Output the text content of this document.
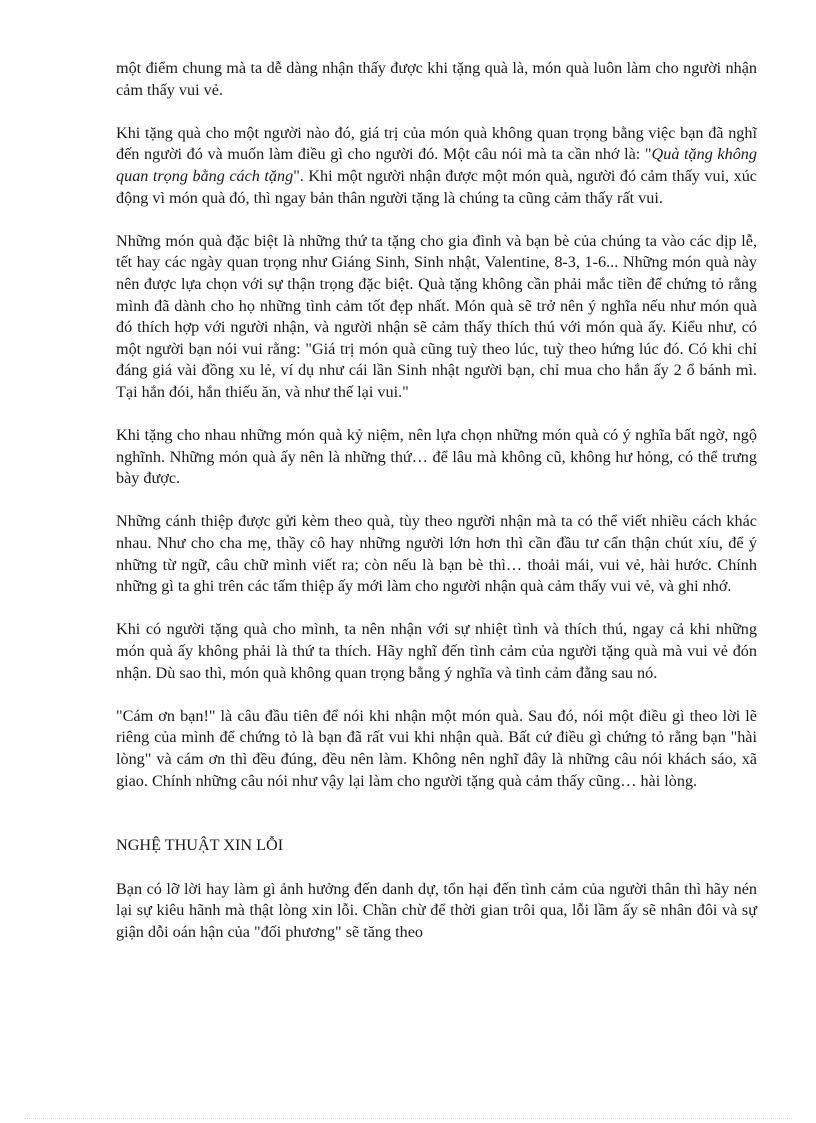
một điểm chung mà ta dễ dàng nhận thấy được khi tặng quà là, món quà luôn làm cho người nhận cảm thấy vui vẻ.

Khi tặng quà cho một người nào đó, giá trị của món quà không quan trọng bằng việc bạn đã nghĩ đến người đó và muốn làm điều gì cho người đó. Một câu nói mà ta cần nhớ là: "Quà tặng không quan trọng bằng cách tặng". Khi một người nhận được một món quà, người đó cảm thấy vui, xúc động vì món quà đó, thì ngay bản thân người tặng là chúng ta cũng cảm thấy rất vui.

Những món quà đặc biệt là những thứ ta tặng cho gia đình và bạn bè của chúng ta vào các dịp lễ, tết hay các ngày quan trọng như Giáng Sinh, Sinh nhật, Valentine, 8-3, 1-6... Những món quà này nên được lựa chọn với sự thận trọng đặc biệt. Quà tặng không cần phải mắc tiền để chứng tỏ rằng mình đã dành cho họ những tình cảm tốt đẹp nhất. Món quà sẽ trở nên ý nghĩa nếu như món quà đó thích hợp với người nhận, và người nhận sẽ cảm thấy thích thú với món quà ấy. Kiểu như, có một người bạn nói vui rằng: "Giá trị món quà cũng tuỳ theo lúc, tuỳ theo hứng lúc đó. Có khi chỉ đáng giá vài đồng xu lẻ, ví dụ như cái lần Sinh nhật người bạn, chỉ mua cho hắn ấy 2 ổ bánh mì. Tại hắn đói, hắn thiếu ăn, và như thế lại vui."

Khi tặng cho nhau những món quà kỷ niệm, nên lựa chọn những món quà có ý nghĩa bất ngờ, ngộ nghĩnh. Những món quà ấy nên là những thứ… để lâu mà không cũ, không hư hỏng, có thể trưng bày được.

Những cánh thiệp được gửi kèm theo quà, tùy theo người nhận mà ta có thể viết nhiều cách khác nhau. Như cho cha mẹ, thầy cô hay những người lớn hơn thì cần đầu tư cẩn thận chút xíu, để ý những từ ngữ, câu chữ mình viết ra; còn nếu là bạn bè thì… thoải mái, vui vẻ, hài hước. Chính những gì ta ghi trên các tấm thiệp ấy mới làm cho người nhận quà cảm thấy vui vẻ, và ghi nhớ.

Khi có người tặng quà cho mình, ta nên nhận với sự nhiệt tình và thích thú, ngay cả khi những món quà ấy không phải là thứ ta thích. Hãy nghĩ đến tình cảm của người tặng quà mà vui vẻ đón nhận. Dù sao thì, món quà không quan trọng bằng ý nghĩa và tình cảm đằng sau nó.

"Cám ơn bạn!" là câu đầu tiên để nói khi nhận một món quà. Sau đó, nói một điều gì theo lời lẽ riêng của mình để chứng tỏ là bạn đã rất vui khi nhận quà. Bất cứ điều gì chứng tỏ rằng bạn "hài lòng" và cám ơn thì đều đúng, đều nên làm. Không nên nghĩ đây là những câu nói khách sáo, xã giao. Chính những câu nói như vậy lại làm cho người tặng quà cảm thấy cũng… hài lòng.

NGHỆ THUẬT XIN LỖI

Bạn có lỡ lời hay làm gì ảnh hưởng đến danh dự, tổn hại đến tình cảm của người thân thì hãy nén lại sự kiêu hãnh mà thật lòng xin lỗi. Chần chừ để thời gian trôi qua, lỗi lầm ấy sẽ nhân đôi và sự giận dỗi oán hận của "đối phương" sẽ tăng theo
